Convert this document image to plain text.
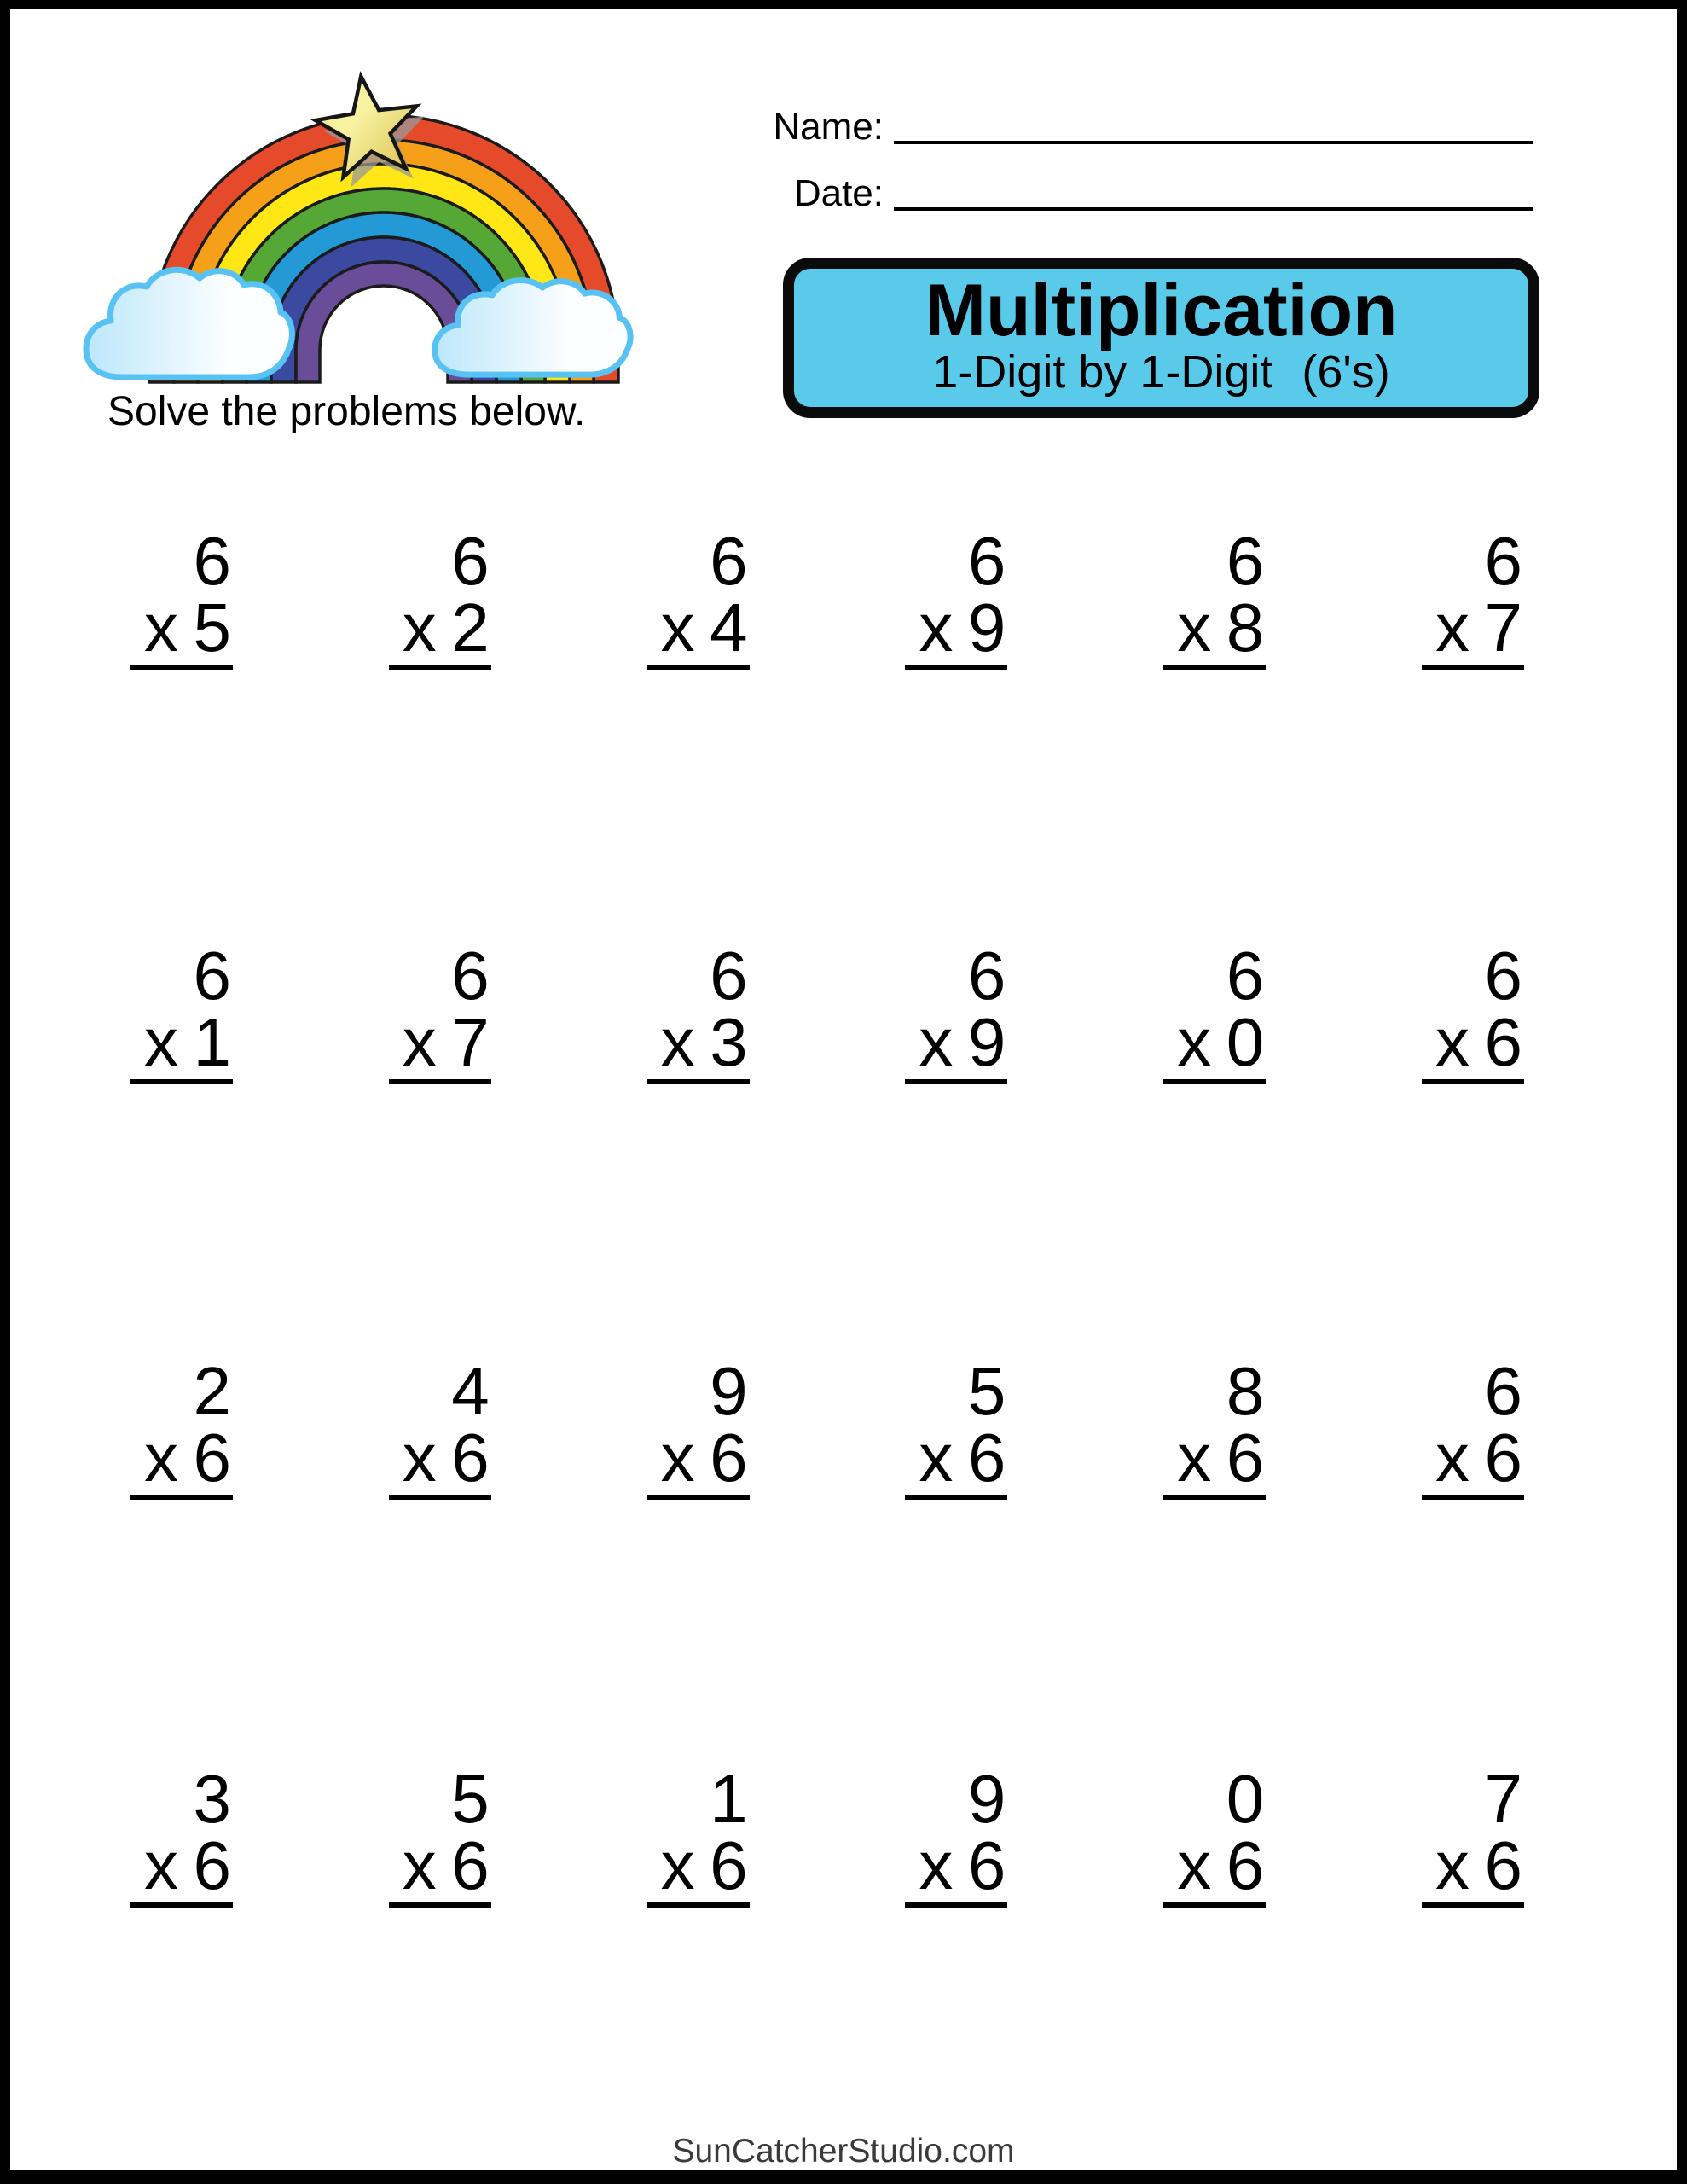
Name:
Date:
Multiplication
1-Digit by 1-Digit (6's)
Solve the problems below.
6
x 5
6
x 2
6
x 4
6
x 9
6
x 8
6
x 7
6
x 1
6
x 7
6
x 3
6
x 9
6
x 0
6
x 6
2
x 6
4
x 6
9
x 6
5
x 6
8
x 6
6
x 6
3
x 6
5
x 6
1
x 6
9
x 6
0
x 6
7
x 6
SunCatcherStudio.com
